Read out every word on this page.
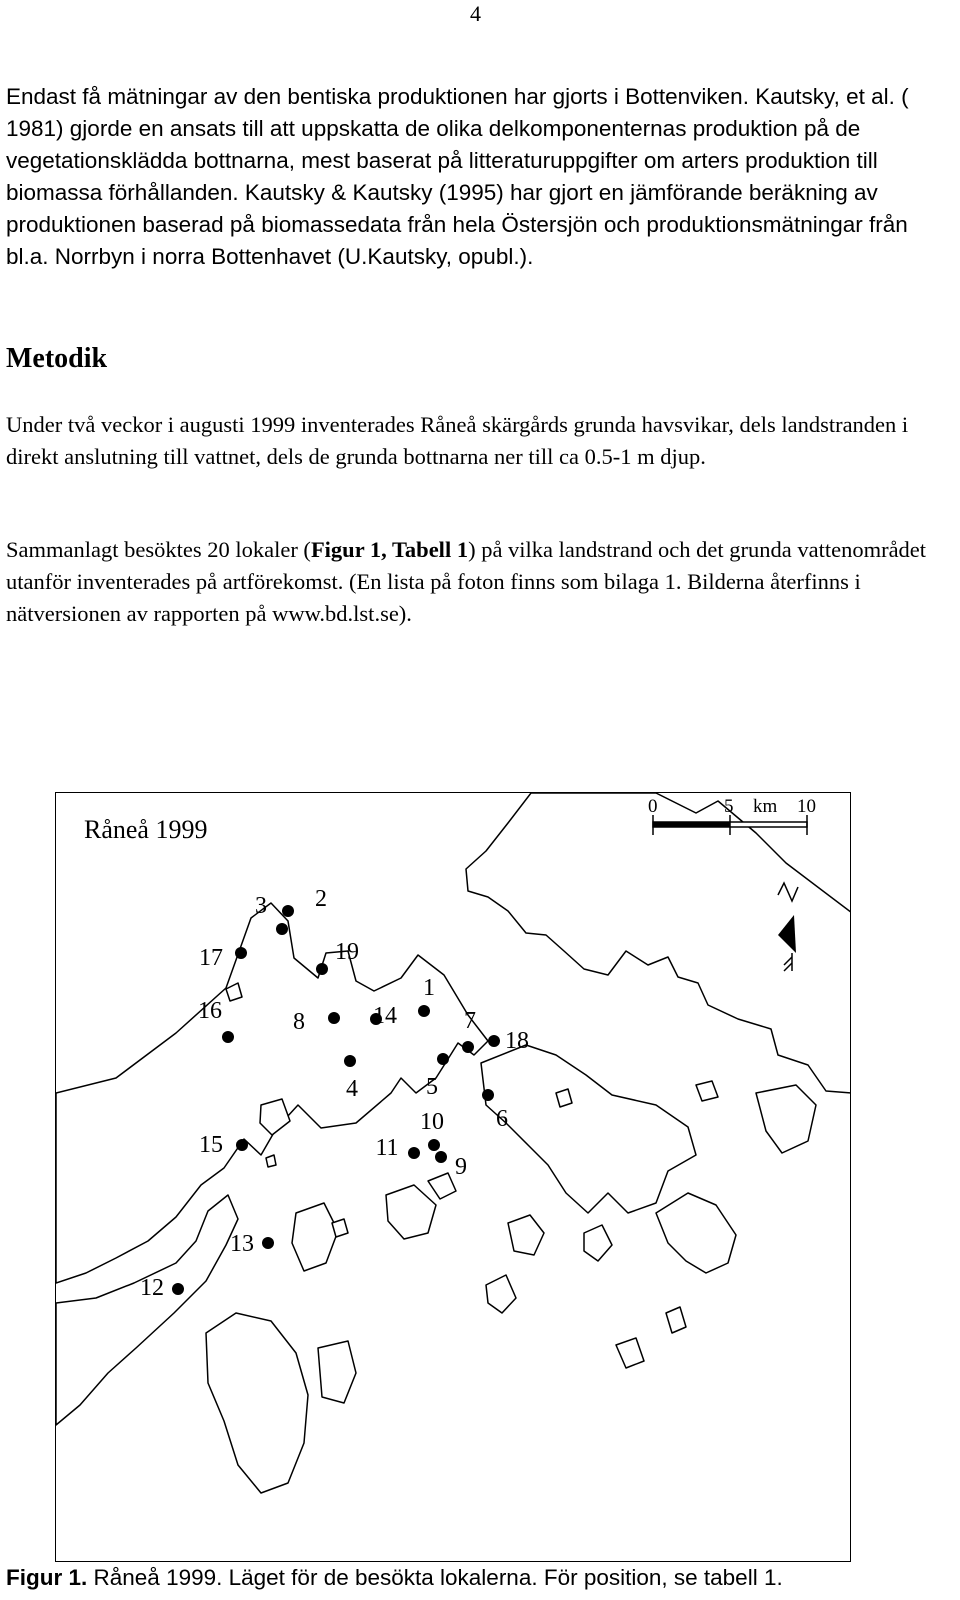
4

Endast få mätningar av den bentiska produktionen har gjorts i Bottenviken. Kautsky, et al. ( 1981) gjorde en ansats till att uppskatta de olika delkomponenternas produktion på de vegetationsklädda bottnarna, mest baserat på litteraturuppgifter om arters produktion till biomassa förhållanden. Kautsky & Kautsky (1995) har gjort en jämförande beräkning av produktionen baserad på biomassedata från hela Östersjön och produktionsmätningar från bl.a. Norrbyn i norra Bottenhavet (U.Kautsky, opubl.).

Metodik

Under två veckor i augusti 1999 inventerades Råneå skärgårds grunda havsvikar, dels landstranden i direkt anslutning till vattnet, dels de grunda bottnarna ner till ca 0.5-1 m djup.

Sammanlagt besöktes 20 lokaler (Figur 1, Tabell 1) på vilka landstrand och det grunda vattenområdet utanför inventerades på artförekomst. (En lista på foton finns som bilaga 1. Bilderna återfinns i nätversionen av rapporten på www.bd.lst.se).

Råneå 1999
0	5 km 10
1
2
3
4	5
6
7
8
9
10
11
12
13
14
15
16
17
18
19

Figur 1. Råneå 1999. Läget för de besökta lokalerna. För position, se tabell 1.
